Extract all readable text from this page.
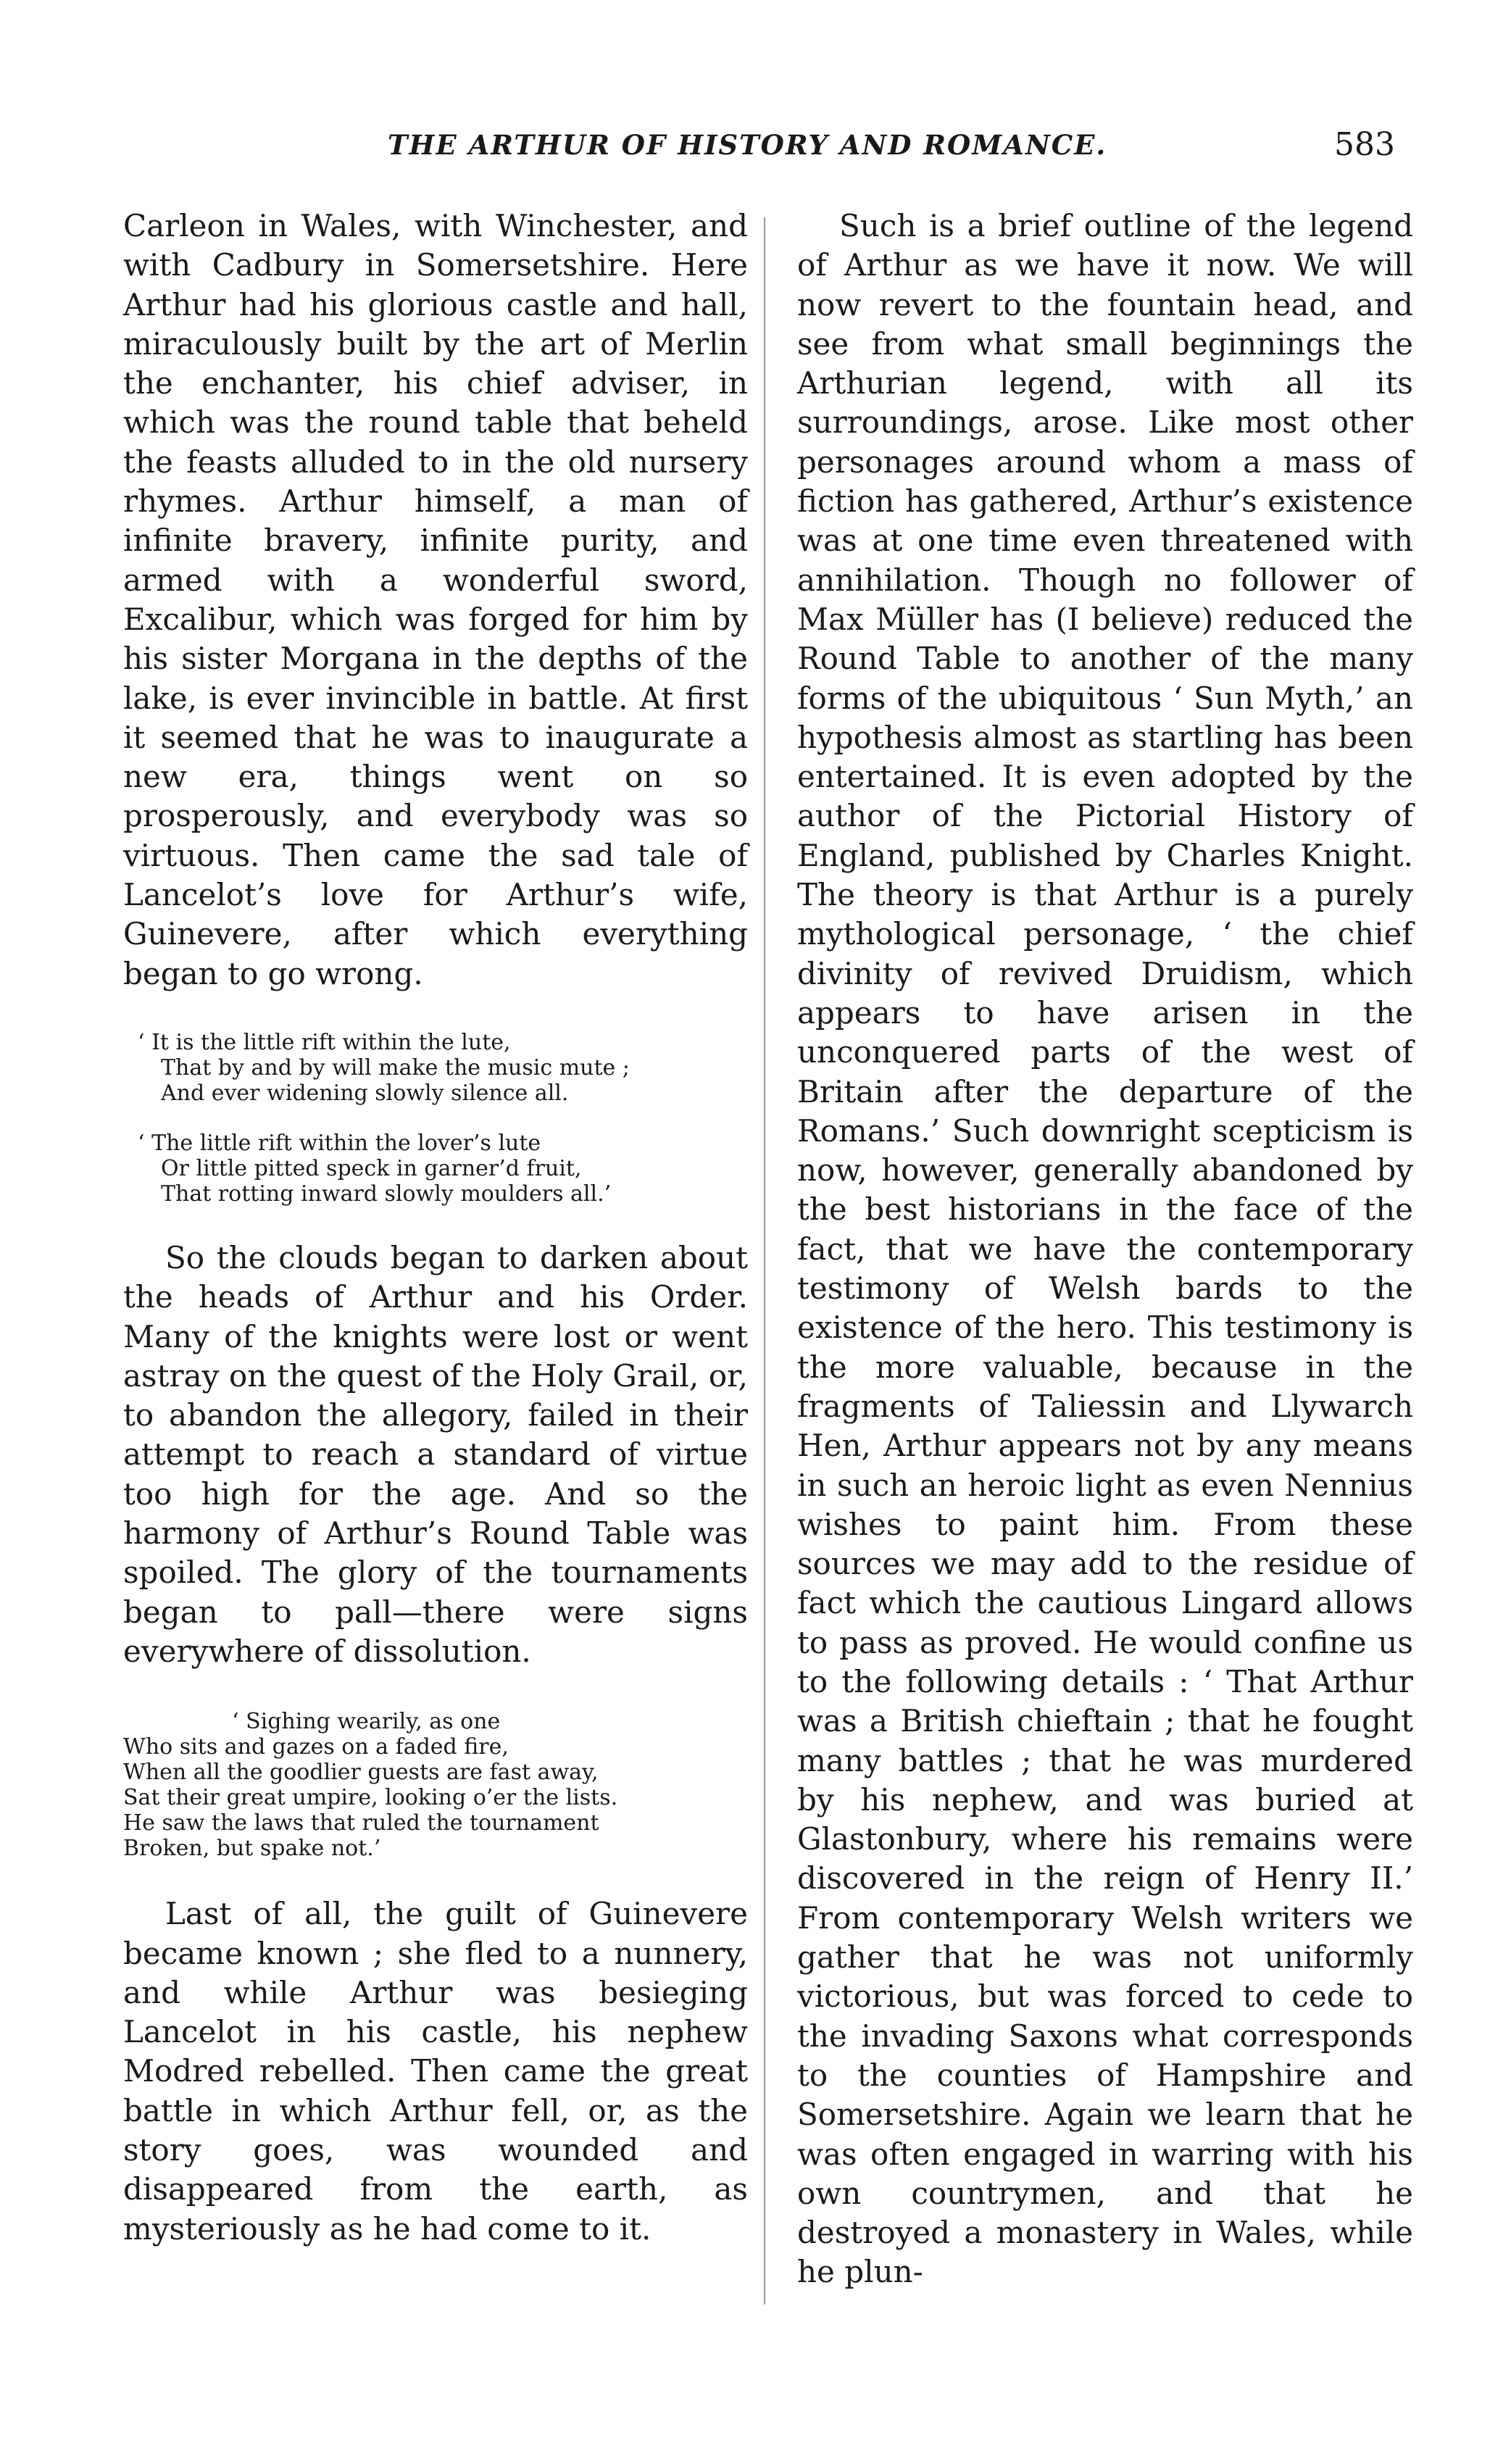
THE ARTHUR OF HISTORY AND ROMANCE.	583

Carleon in Wales, with Winchester, and with Cadbury in Somersetshire. Here Arthur had his glorious castle and hall, miraculously built by the art of Merlin the enchanter, his chief adviser, in which was the round table that beheld the feasts alluded to in the old nursery rhymes. Arthur himself, a man of infinite bravery, infinite purity, and armed with a wonderful sword, Excalibur, which was forged for him by his sister Morgana in the depths of the lake, is ever invincible in battle. At first it seemed that he was to inaugurate a new era, things went on so prosperously, and everybody was so virtuous. Then came the sad tale of Lancelot’s love for Arthur’s wife, Guinevere, after which everything began to go wrong.

‘ It is the little rift within the lute,
That by and by will make the music mute ;
And ever widening slowly silence all.
‘ The little rift within the lover’s lute
Or little pitted speck in garner’d fruit,
That rotting inward slowly moulders all.’

So the clouds began to darken about the heads of Arthur and his Order. Many of the knights were lost or went astray on the quest of the Holy Grail, or, to abandon the allegory, failed in their attempt to reach a standard of virtue too high for the age. And so the harmony of Arthur’s Round Table was spoiled. The glory of the tournaments began to pall—there were signs everywhere of dissolution.

‘ Sighing wearily, as one
Who sits and gazes on a faded fire,
When all the goodlier guests are fast away,
Sat their great umpire, looking o’er the lists.
He saw the laws that ruled the tournament
Broken, but spake not.’

Last of all, the guilt of Guinevere became known ; she fled to a nunnery, and while Arthur was besieging Lancelot in his castle, his nephew Modred rebelled. Then came the great battle in which Arthur fell, or, as the story goes, was wounded and disappeared from the earth, as mysteriously as he had come to it.

Such is a brief outline of the legend of Arthur as we have it now. We will now revert to the fountain head, and see from what small beginnings the Arthurian legend, with all its surroundings, arose. Like most other personages around whom a mass of fiction has gathered, Arthur’s existence was at one time even threatened with annihilation. Though no follower of Max Müller has (I believe) reduced the Round Table to another of the many forms of the ubiquitous ‘ Sun Myth,’ an hypothesis almost as startling has been entertained. It is even adopted by the author of the Pictorial History of England, published by Charles Knight. The theory is that Arthur is a purely mythological personage, ‘ the chief divinity of revived Druidism, which appears to have arisen in the unconquered parts of the west of Britain after the departure of the Romans.’ Such downright scepticism is now, however, generally abandoned by the best historians in the face of the fact, that we have the contemporary testimony of Welsh bards to the existence of the hero. This testimony is the more valuable, because in the fragments of Taliessin and Llywarch Hen, Arthur appears not by any means in such an heroic light as even Nennius wishes to paint him. From these sources we may add to the residue of fact which the cautious Lingard allows to pass as proved. He would confine us to the following details : ‘ That Arthur was a British chieftain ; that he fought many battles ; that he was murdered by his nephew, and was buried at Glastonbury, where his remains were discovered in the reign of Henry II.’ From contemporary Welsh writers we gather that he was not uniformly victorious, but was forced to cede to the invading Saxons what corresponds to the counties of Hampshire and Somersetshire. Again we learn that he was often engaged in warring with his own countrymen, and that he destroyed a monastery in Wales, while he plun-
